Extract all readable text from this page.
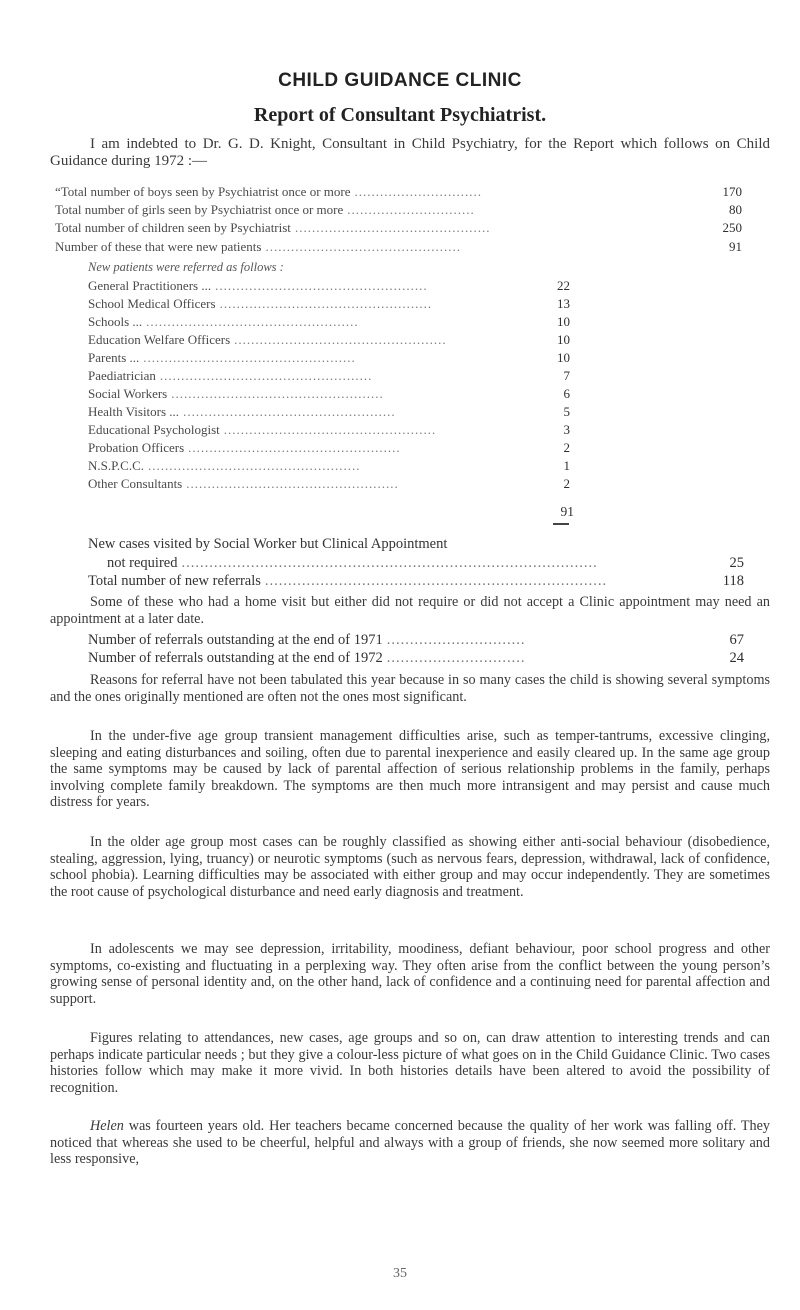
CHILD GUIDANCE CLINIC
Report of Consultant Psychiatrist.
I am indebted to Dr. G. D. Knight, Consultant in Child Psychiatry, for the Report which follows on Child Guidance during 1972 :—
“Total number of boys seen by Psychiatrist once or more ..............................	170
Total number of girls seen by Psychiatrist once or more ..............................	80
Total number of children seen by Psychiatrist ..............................................	250
Number of these that were new patients ..............................................	91
New patients were referred as follows :
General Practitioners ... ..................................................	22
School Medical Officers ..................................................	13
Schools ... ..................................................	10
Education Welfare Officers ..................................................	10
Parents ... ..................................................	10
Paediatrician ..................................................	7
Social Workers ..................................................	6
Health Visitors ... ..................................................	5
Educational Psychologist ..................................................	3
Probation Officers ..................................................	2
N.S.P.C.C. ..................................................	1
Other Consultants ..................................................	2
91
New cases visited by Social Worker but Clinical Appointment
not required ..........................................................................................	25
Total number of new referrals ..........................................................................	118
Some of these who had a home visit but either did not require or did not accept a Clinic appointment may need an appointment at a later date.
Number of referrals outstanding at the end of 1971 ..............................	67
Number of referrals outstanding at the end of 1972 ..............................	24
Reasons for referral have not been tabulated this year because in so many cases the child is showing several symptoms and the ones originally mentioned are often not the ones most significant.
In the under-five age group transient management difficulties arise, such as temper-tantrums, excessive clinging, sleeping and eating disturbances and soiling, often due to parental inexperience and easily cleared up. In the same age group the same symptoms may be caused by lack of parental affection of serious relationship problems in the family, perhaps involving complete family breakdown. The symptoms are then much more intransigent and may persist and cause much distress for years.
In the older age group most cases can be roughly classified as showing either anti-social behaviour (disobedience, stealing, aggression, lying, truancy) or neurotic symptoms (such as nervous fears, depression, withdrawal, lack of confidence, school phobia). Learning difficulties may be associated with either group and may occur independently. They are sometimes the root cause of psychological disturbance and need early diagnosis and treatment.
In adolescents we may see depression, irritability, moodiness, defiant behaviour, poor school progress and other symptoms, co-existing and fluctuating in a perplexing way. They often arise from the conflict between the young person’s growing sense of personal identity and, on the other hand, lack of confidence and a continuing need for parental affection and support.
Figures relating to attendances, new cases, age groups and so on, can draw attention to interesting trends and can perhaps indicate particular needs ; but they give a colour-less picture of what goes on in the Child Guidance Clinic. Two cases histories follow which may make it more vivid. In both histories details have been altered to avoid the possibility of recognition.
Helen was fourteen years old. Her teachers became concerned because the quality of her work was falling off. They noticed that whereas she used to be cheerful, helpful and always with a group of friends, she now seemed more solitary and less responsive,
35
